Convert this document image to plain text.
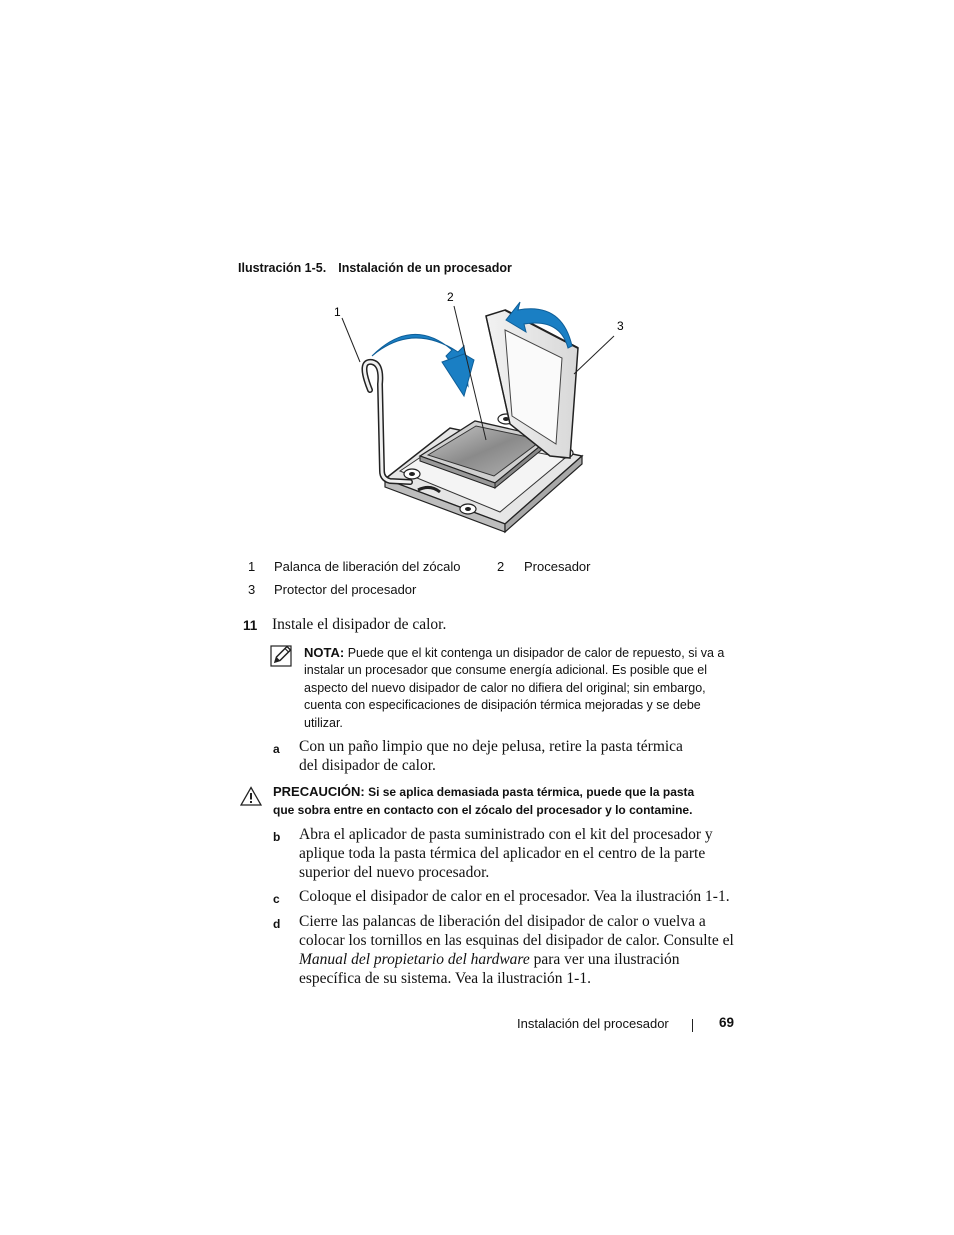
Ilustración 1-5. Instalación de un procesador
1
2
3
1 Palanca de liberación del zócalo	2 Procesador
3 Protector del procesador
11 Instale el disipador de calor.
NOTA: Puede que el kit contenga un disipador de calor de repuesto, si va a instalar un procesador que consume energía adicional. Es posible que el aspecto del nuevo disipador de calor no difiera del original; sin embargo, cuenta con especificaciones de disipación térmica mejoradas y se debe utilizar.
a Con un paño limpio que no deje pelusa, retire la pasta térmica del disipador de calor.
PRECAUCIÓN: Si se aplica demasiada pasta térmica, puede que la pasta que sobra entre en contacto con el zócalo del procesador y lo contamine.
b Abra el aplicador de pasta suministrado con el kit del procesador y aplique toda la pasta térmica del aplicador en el centro de la parte superior del nuevo procesador.
c Coloque el disipador de calor en el procesador. Vea la ilustración 1-1.
d Cierre las palancas de liberación del disipador de calor o vuelva a colocar los tornillos en las esquinas del disipador de calor. Consulte el Manual del propietario del hardware para ver una ilustración específica de su sistema. Vea la ilustración 1-1.
Instalación del procesador	69
